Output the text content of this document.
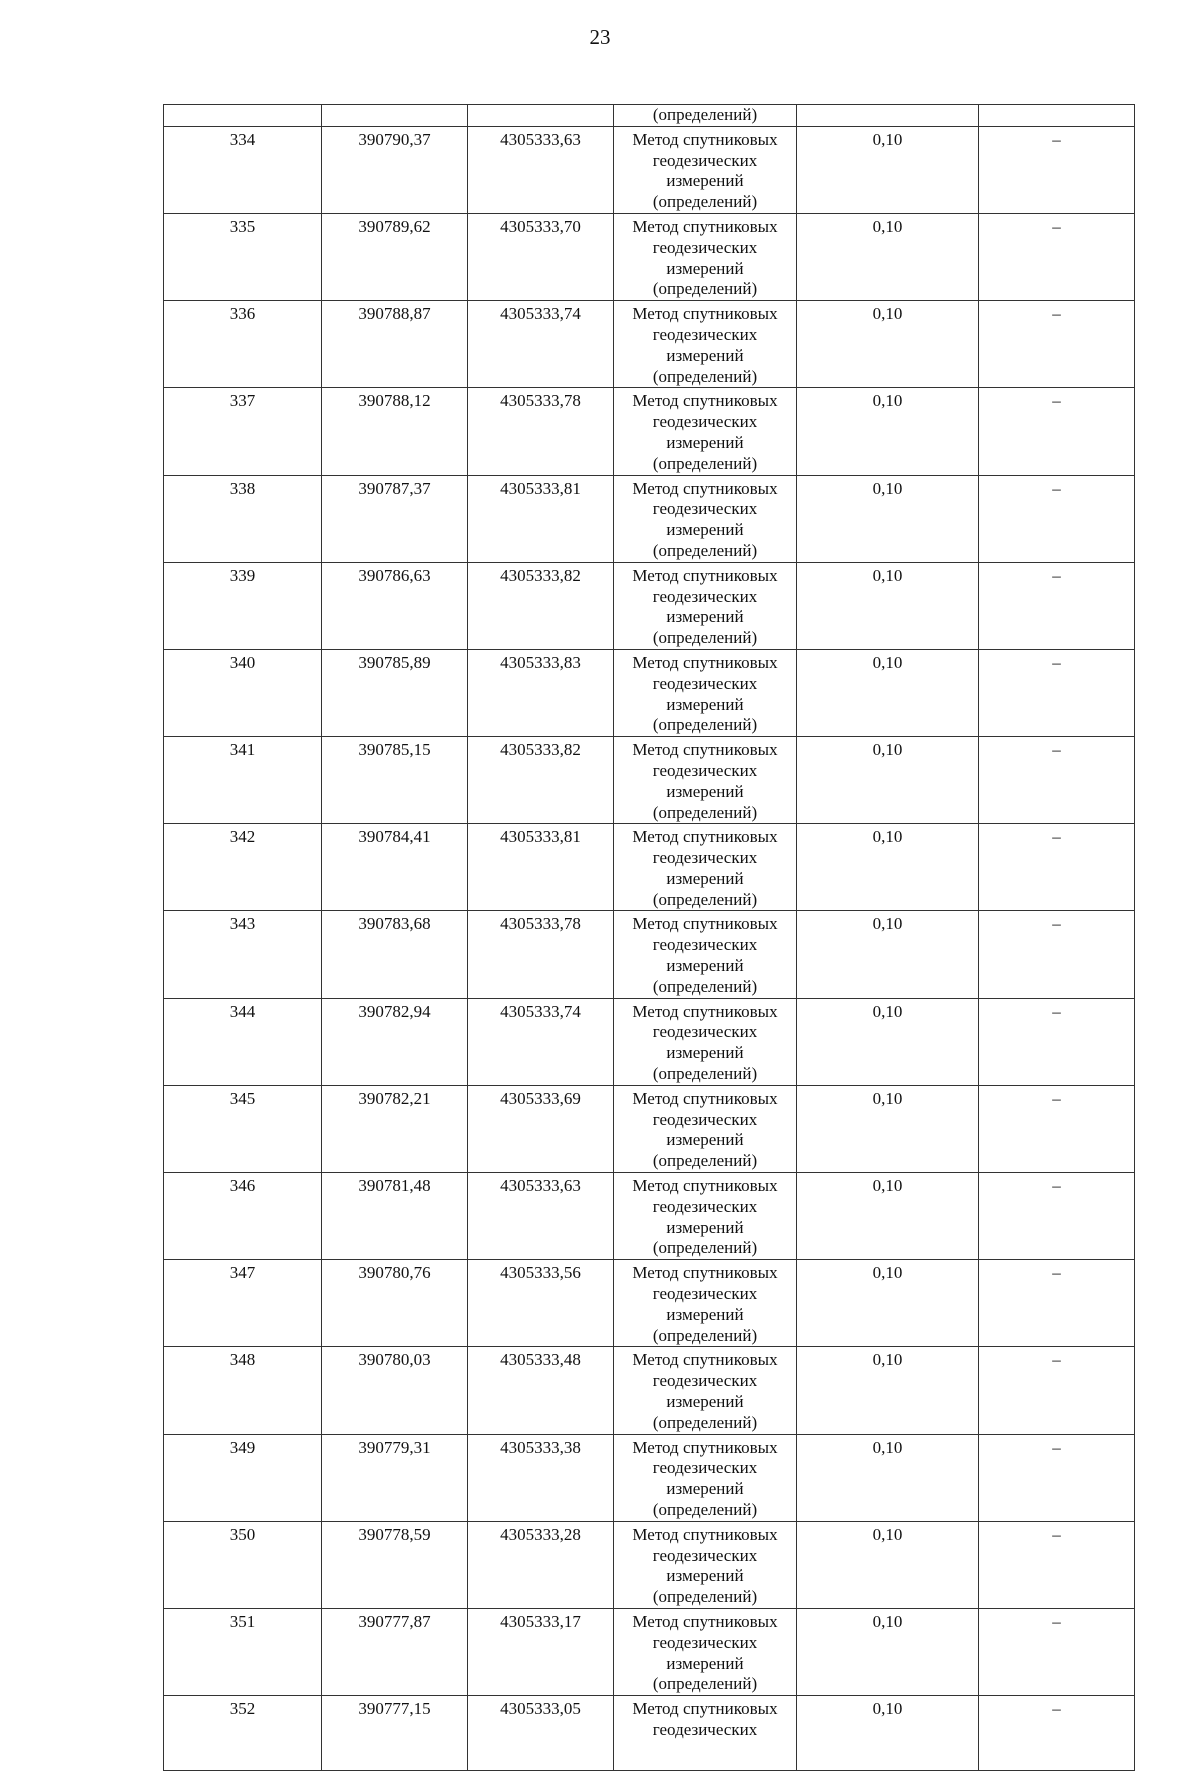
23
			(определений)		
334	390790,37	4305333,63	Метод спутниковых геодезических измерений (определений)	0,10	–
335	390789,62	4305333,70	Метод спутниковых геодезических измерений (определений)	0,10	–
336	390788,87	4305333,74	Метод спутниковых геодезических измерений (определений)	0,10	–
337	390788,12	4305333,78	Метод спутниковых геодезических измерений (определений)	0,10	–
338	390787,37	4305333,81	Метод спутниковых геодезических измерений (определений)	0,10	–
339	390786,63	4305333,82	Метод спутниковых геодезических измерений (определений)	0,10	–
340	390785,89	4305333,83	Метод спутниковых геодезических измерений (определений)	0,10	–
341	390785,15	4305333,82	Метод спутниковых геодезических измерений (определений)	0,10	–
342	390784,41	4305333,81	Метод спутниковых геодезических измерений (определений)	0,10	–
343	390783,68	4305333,78	Метод спутниковых геодезических измерений (определений)	0,10	–
344	390782,94	4305333,74	Метод спутниковых геодезических измерений (определений)	0,10	–
345	390782,21	4305333,69	Метод спутниковых геодезических измерений (определений)	0,10	–
346	390781,48	4305333,63	Метод спутниковых геодезических измерений (определений)	0,10	–
347	390780,76	4305333,56	Метод спутниковых геодезических измерений (определений)	0,10	–
348	390780,03	4305333,48	Метод спутниковых геодезических измерений (определений)	0,10	–
349	390779,31	4305333,38	Метод спутниковых геодезических измерений (определений)	0,10	–
350	390778,59	4305333,28	Метод спутниковых геодезических измерений (определений)	0,10	–
351	390777,87	4305333,17	Метод спутниковых геодезических измерений (определений)	0,10	–
352	390777,15	4305333,05	Метод спутниковых геодезических	0,10	–
